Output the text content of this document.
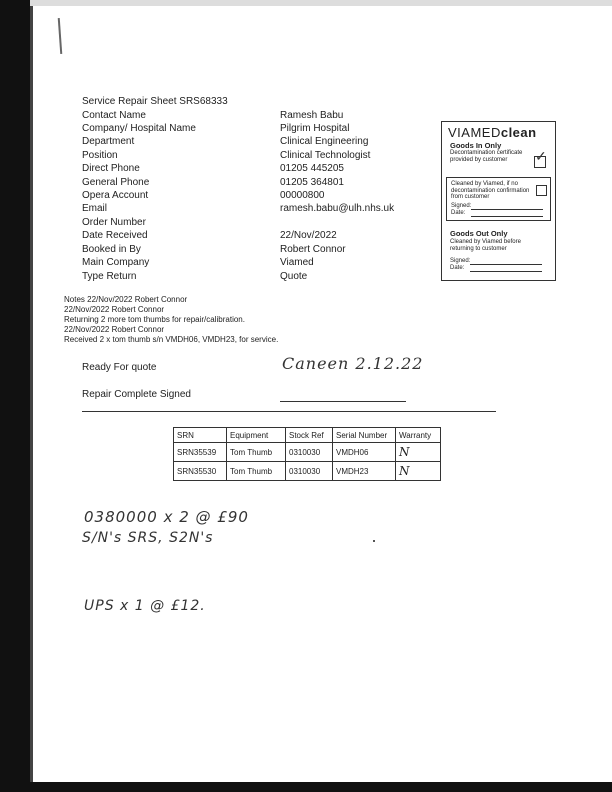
Service Repair Sheet SRS68333
Contact Name	Ramesh Babu
Company/ Hospital Name	Pilgrim Hospital
Department	Clinical Engineering
Position	Clinical Technologist
Direct Phone	01205 445205
General Phone	01205 364801
Opera Account	00000800
Email	ramesh.babu@ulh.nhs.uk
Order Number
Date Received	22/Nov/2022
Booked in By	Robert Connor
Main Company	Viamed
Type Return	Quote
VIAMEDclean
Goods In Only
Decontamination certificate provided by customer	✓
Cleaned by Viamed, if no decontamination confirmation from customer
Signed:
Date:
Goods Out Only
Cleaned by Viamed before returning to customer
Signed:
Date:
Notes 22/Nov/2022 Robert Connor
22/Nov/2022 Robert Connor
Returning 2 more tom thumbs for repair/calibration.
22/Nov/2022 Robert Connor
Received 2 x tom thumb s/n VMDH06, VMDH23, for service.
Ready For quote	Caneen 2.12.22
Repair Complete Signed
SRN	Equipment	Stock Ref	Serial Number	Warranty
SRN35539	Tom Thumb	0310030	VMDH06	N
SRN35530	Tom Thumb	0310030	VMDH23	N
0380000 x 2 @ £90
S/N's SRS, S2N's
UPS x 1 @ £12.
